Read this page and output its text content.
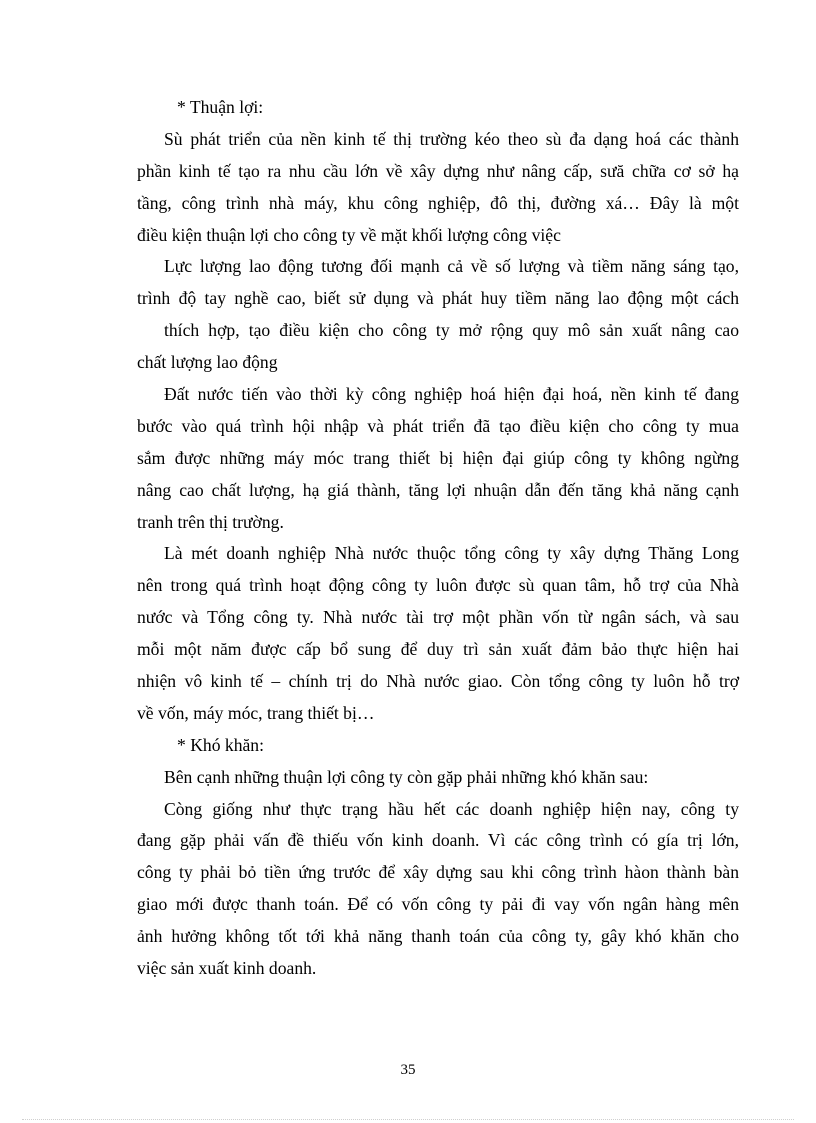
* Thuận lợi:
Sù phát triển của nền kinh tế thị trường kéo theo sù đa dạng hoá các thành
phần kinh tế tạo ra nhu cầu lớn về xây dựng như nâng cấp, sưă chữa cơ sở hạ
tầng, công trình nhà máy, khu công nghiệp, đô thị, đường xá… Đây là một
điều kiện thuận lợi cho công ty về mặt khối lượng công việc
Lực lượng lao động tương đối mạnh cả về số lượng và tiềm năng sáng tạo,
trình độ tay nghề cao, biết sử dụng và phát huy tiềm năng lao động một cách
thích hợp, tạo điều kiện cho công ty mở rộng quy mô sản xuất nâng cao
chất lượng lao động
Đất nước tiến vào thời kỳ công nghiệp hoá hiện đại hoá, nền kinh tế đang
bước vào quá trình hội nhập và phát triển đã tạo điều kiện cho công ty mua
sắm được những máy móc trang thiết bị hiện đại giúp công ty không ngừng
nâng cao chất lượng, hạ giá thành, tăng lợi nhuận dẫn đến tăng khả năng cạnh
tranh trên thị trường.
Là mét doanh nghiệp Nhà nước thuộc tổng công ty xây dựng Thăng Long
nên trong quá trình hoạt động công ty luôn được sù quan tâm, hỗ trợ của Nhà
nước và Tổng công ty. Nhà nước tài trợ một phần vốn từ ngân sách, và sau
mỗi một năm được cấp bổ sung để duy trì sản xuất đảm bảo thực hiện hai
nhiện vô kinh tế – chính trị do Nhà nước giao. Còn tổng công ty luôn hỗ trợ
về vốn, máy móc, trang thiết bị…
* Khó khăn:
Bên cạnh những thuận lợi công ty còn gặp phải những khó khăn sau:
Còng giống như thực trạng hầu hết các doanh nghiệp hiện nay, công ty
đang gặp phải vấn đề thiếu vốn kinh doanh. Vì các công trình có gía trị lớn,
công ty phải bỏ tiền ứng trước để xây dựng sau khi công trình hàon thành bàn
giao mới được thanh toán. Để có vốn công ty pải đi vay vốn ngân hàng mên
ảnh hưởng không tốt tới khả năng thanh toán của công ty, gây khó khăn cho
việc sản xuất kinh doanh.
35
